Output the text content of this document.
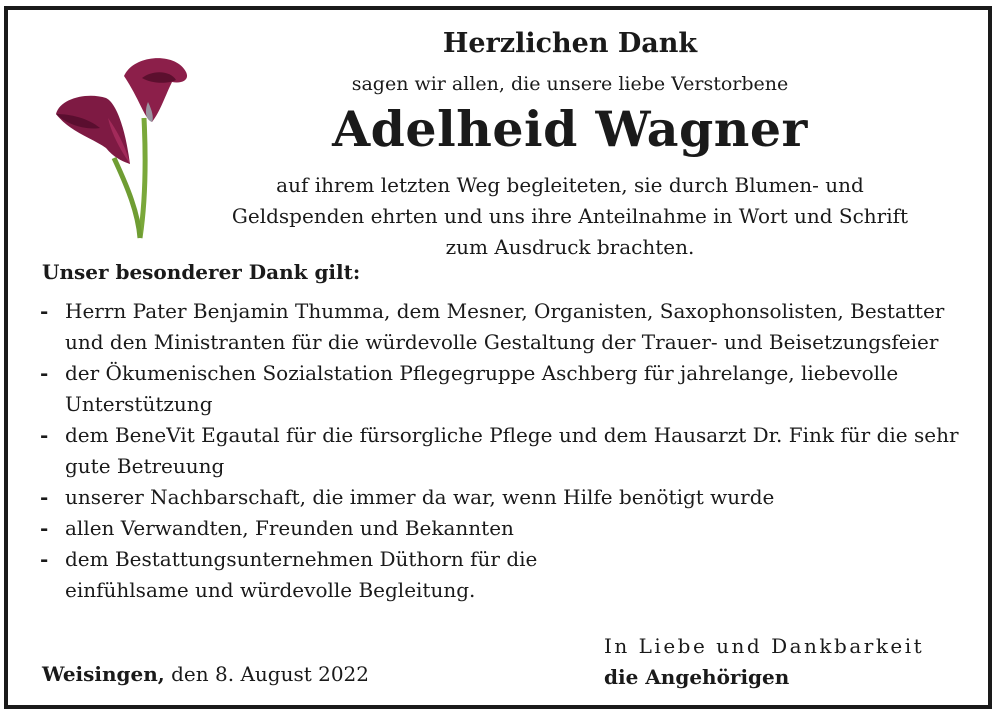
Herzlichen Dank
sagen wir allen, die unsere liebe Verstorbene
Adelheid Wagner
auf ihrem letzten Weg begleiteten, sie durch Blumen- und
Geldspenden ehrten und uns ihre Anteilnahme in Wort und Schrift
zum Ausdruck brachten.
Unser besonderer Dank gilt:
- Herrn Pater Benjamin Thumma, dem Mesner, Organisten, Saxophonsolisten, Bestatter und den Ministranten für die würdevolle Gestaltung der Trauer- und Beisetzungsfeier
- der Ökumenischen Sozialstation Pflegegruppe Aschberg für jahrelange, liebevolle Unterstützung
- dem BeneVit Egautal für die fürsorgliche Pflege und dem Hausarzt Dr. Fink für die sehr gute Betreuung
- unserer Nachbarschaft, die immer da war, wenn Hilfe benötigt wurde
- allen Verwandten, Freunden und Bekannten
- dem Bestattungsunternehmen Düthorn für die einfühlsame und würdevolle Begleitung.
In Liebe und Dankbarkeit
die Angehörigen
Weisingen, den 8. August 2022
